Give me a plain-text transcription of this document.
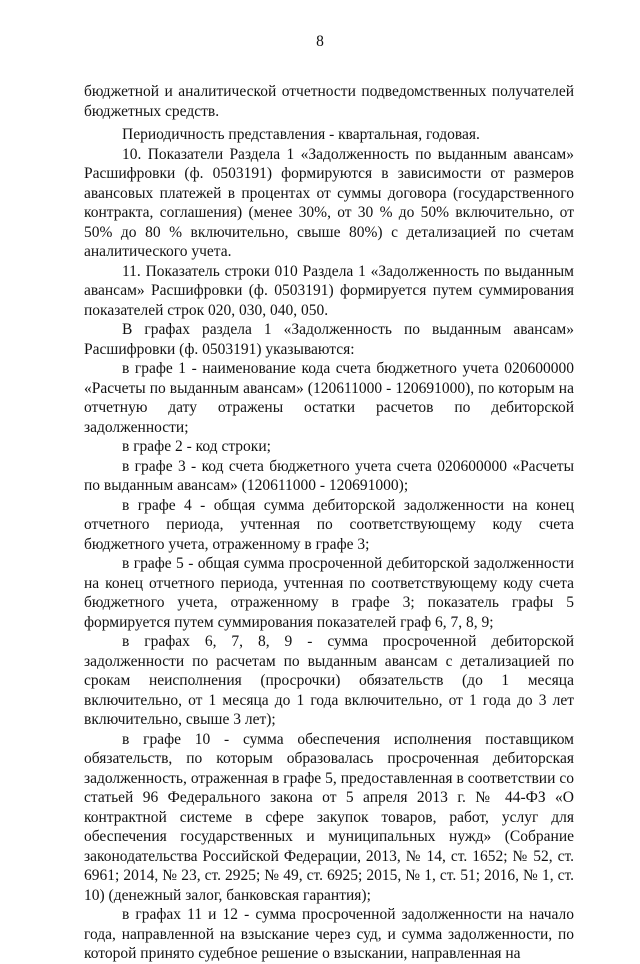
8

бюджетной и аналитической отчетности подведомственных получателей бюджетных средств.

Периодичность представления - квартальная, годовая.

10. Показатели Раздела 1 «Задолженность по выданным авансам» Расшифровки (ф. 0503191) формируются в зависимости от размеров авансовых платежей в процентах от суммы договора (государственного контракта, соглашения) (менее 30%, от 30 % до 50% включительно, от 50% до 80 % включительно, свыше 80%) с детализацией по счетам аналитического учета.

11. Показатель строки 010 Раздела 1 «Задолженность по выданным авансам» Расшифровки (ф. 0503191) формируется путем суммирования показателей строк 020, 030, 040, 050.

В графах раздела 1 «Задолженность по выданным авансам» Расшифровки (ф. 0503191) указываются:

в графе 1 - наименование кода счета бюджетного учета 020600000 «Расчеты по выданным авансам» (120611000 - 120691000), по которым на отчетную дату отражены остатки расчетов по дебиторской задолженности;

в графе 2 - код строки;

в графе 3 - код счета бюджетного учета счета 020600000 «Расчеты по выданным авансам» (120611000 - 120691000);

в графе 4 - общая сумма дебиторской задолженности на конец отчетного периода, учтенная по соответствующему коду счета бюджетного учета, отраженному в графе 3;

в графе 5 - общая сумма просроченной дебиторской задолженности на конец отчетного периода, учтенная по соответствующему коду счета бюджетного учета, отраженному в графе 3; показатель графы 5 формируется путем суммирования показателей граф 6, 7, 8, 9;

в графах 6, 7, 8, 9 - сумма просроченной дебиторской задолженности по расчетам по выданным авансам с детализацией по срокам неисполнения (просрочки) обязательств (до 1 месяца включительно, от 1 месяца до 1 года включительно, от 1 года до 3 лет включительно, свыше 3 лет);

в графе 10 - сумма обеспечения исполнения поставщиком обязательств, по которым образовалась просроченная дебиторская задолженность, отраженная в графе 5, предоставленная в соответствии со статьей 96 Федерального закона от 5 апреля 2013 г. № 44-ФЗ «О контрактной системе в сфере закупок товаров, работ, услуг для обеспечения государственных и муниципальных нужд» (Собрание законодательства Российской Федерации, 2013, № 14, ст. 1652; № 52, ст. 6961; 2014, № 23, ст. 2925; № 49, ст. 6925; 2015, № 1, ст. 51; 2016, № 1, ст. 10) (денежный залог, банковская гарантия);

в графах 11 и 12 - сумма просроченной задолженности на начало года, направленной на взыскание через суд, и сумма задолженности, по которой принято судебное решение о взыскании, направленная на
